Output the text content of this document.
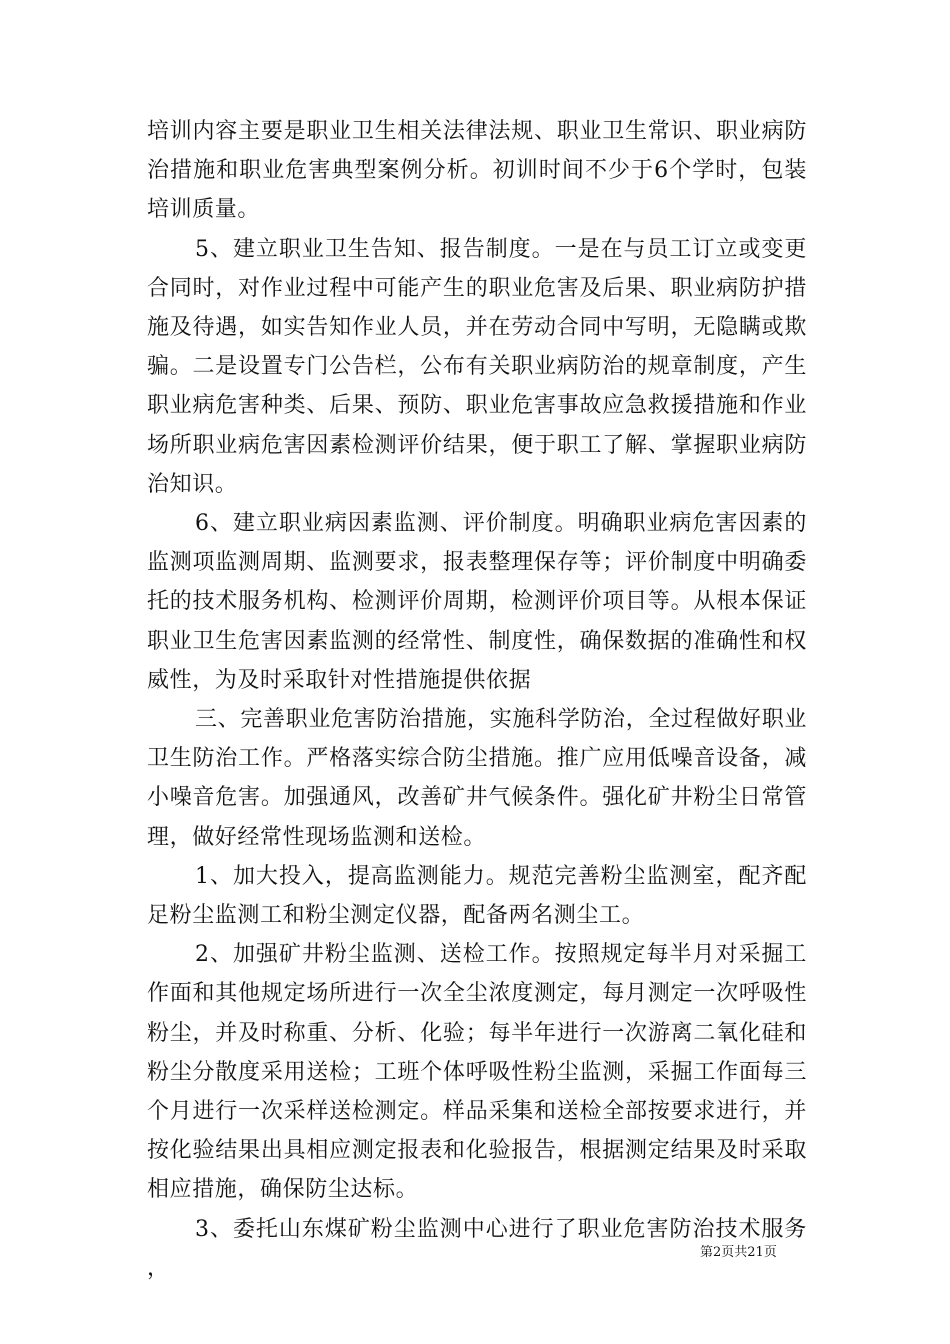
培训内容主要是职业卫生相关法律法规、职业卫生常识、职业病防治措施和职业危害典型案例分析。初训时间不少于6个学时，包装培训质量。

5、建立职业卫生告知、报告制度。一是在与员工订立或变更合同时，对作业过程中可能产生的职业危害及后果、职业病防护措施及待遇，如实告知作业人员，并在劳动合同中写明，无隐瞒或欺骗。二是设置专门公告栏，公布有关职业病防治的规章制度，产生职业病危害种类、后果、预防、职业危害事故应急救援措施和作业场所职业病危害因素检测评价结果，便于职工了解、掌握职业病防治知识。

6、建立职业病因素监测、评价制度。明确职业病危害因素的监测项监测周期、监测要求，报表整理保存等；评价制度中明确委托的技术服务机构、检测评价周期，检测评价项目等。从根本保证职业卫生危害因素监测的经常性、制度性，确保数据的准确性和权威性，为及时采取针对性措施提供依据

三、完善职业危害防治措施，实施科学防治，全过程做好职业卫生防治工作。严格落实综合防尘措施。推广应用低噪音设备，减小噪音危害。加强通风，改善矿井气候条件。强化矿井粉尘日常管理，做好经常性现场监测和送检。

1、加大投入，提高监测能力。规范完善粉尘监测室，配齐配足粉尘监测工和粉尘测定仪器，配备两名测尘工。

2、加强矿井粉尘监测、送检工作。按照规定每半月对采掘工作面和其他规定场所进行一次全尘浓度测定，每月测定一次呼吸性粉尘，并及时称重、分析、化验；每半年进行一次游离二氧化硅和粉尘分散度采用送检；工班个体呼吸性粉尘监测，采掘工作面每三个月进行一次采样送检测定。样品采集和送检全部按要求进行，并按化验结果出具相应测定报表和化验报告，根据测定结果及时采取相应措施，确保防尘达标。

3、委托山东煤矿粉尘监测中心进行了职业危害防治技术服务，

第2页共21页
